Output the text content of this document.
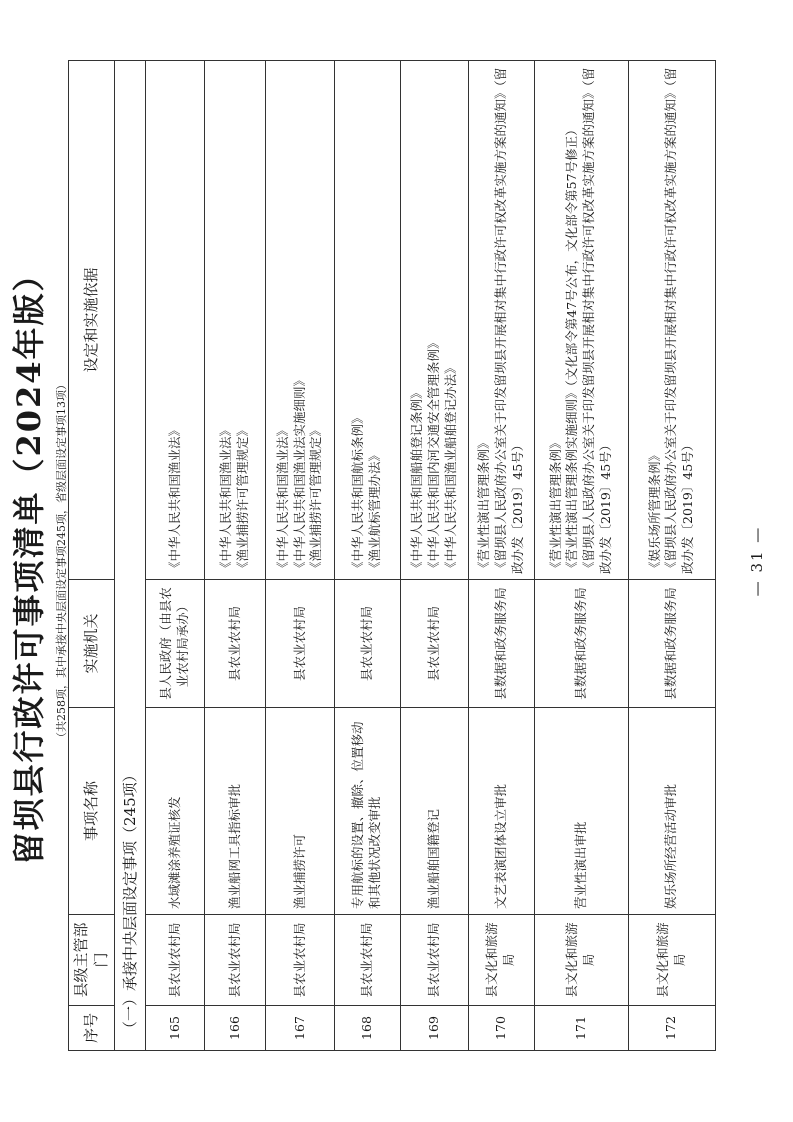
留坝县行政许可事项清单（2024年版） （共258项，其中承接中央层面设定事项245项，省级层面设定事项13项）
序号	县级主管部门	事项名称	实施机关	设定和实施依据
（一）承接中央层面设定事项（245项）				
165	县农业农村局	水域滩涂养殖证核发	县人民政府（由县农业农村局承办）	《中华人民共和国渔业法》

166	县农业农村局	渔业船网工具指标审批	县农业农村局	《中华人民共和国渔业法》 《渔业捕捞许可管理规定》

167	县农业农村局	渔业捕捞许可	县农业农村局	《中华人民共和国渔业法》 《中华人民共和国渔业法实施细则》 《渔业捕捞许可管理规定》

168	县农业农村局	专用航标的设置、撤除、位置移动和其他状况改变审批	县农业农村局	《中华人民共和国航标条例》 《渔业航标管理办法》

169	县农业农村局	渔业船舶国籍登记	县农业农村局	《中华人民共和国船舶登记条例》 《中华人民共和国内河交通安全管理条例》 《中华人民共和国渔业船舶登记办法》

170	县文化和旅游局	文艺表演团体设立审批	县数据和政务服务局	《营业性演出管理条例》 《留坝县人民政府办公室关于印发留坝县开展相对集中行政许可权改革实施方案的通知》（留政办发〔2019〕45号）

171	县文化和旅游局	营业性演出审批	县数据和政务服务局	《营业性演出管理条例》 《营业性演出管理条例实施细则》（文化部令第47号公布，文化部令第57号修正） 《留坝县人民政府办公室关于印发留坝县开展相对集中行政许可权改革实施方案的通知》（留政办发〔2019〕45号）

172	县文化和旅游局	娱乐场所经营活动审批	县数据和政务服务局	《娱乐场所管理条例》 《留坝县人民政府办公室关于印发留坝县开展相对集中行政许可权改革实施方案的通知》（留政办发〔2019〕45号）	— 31 —
